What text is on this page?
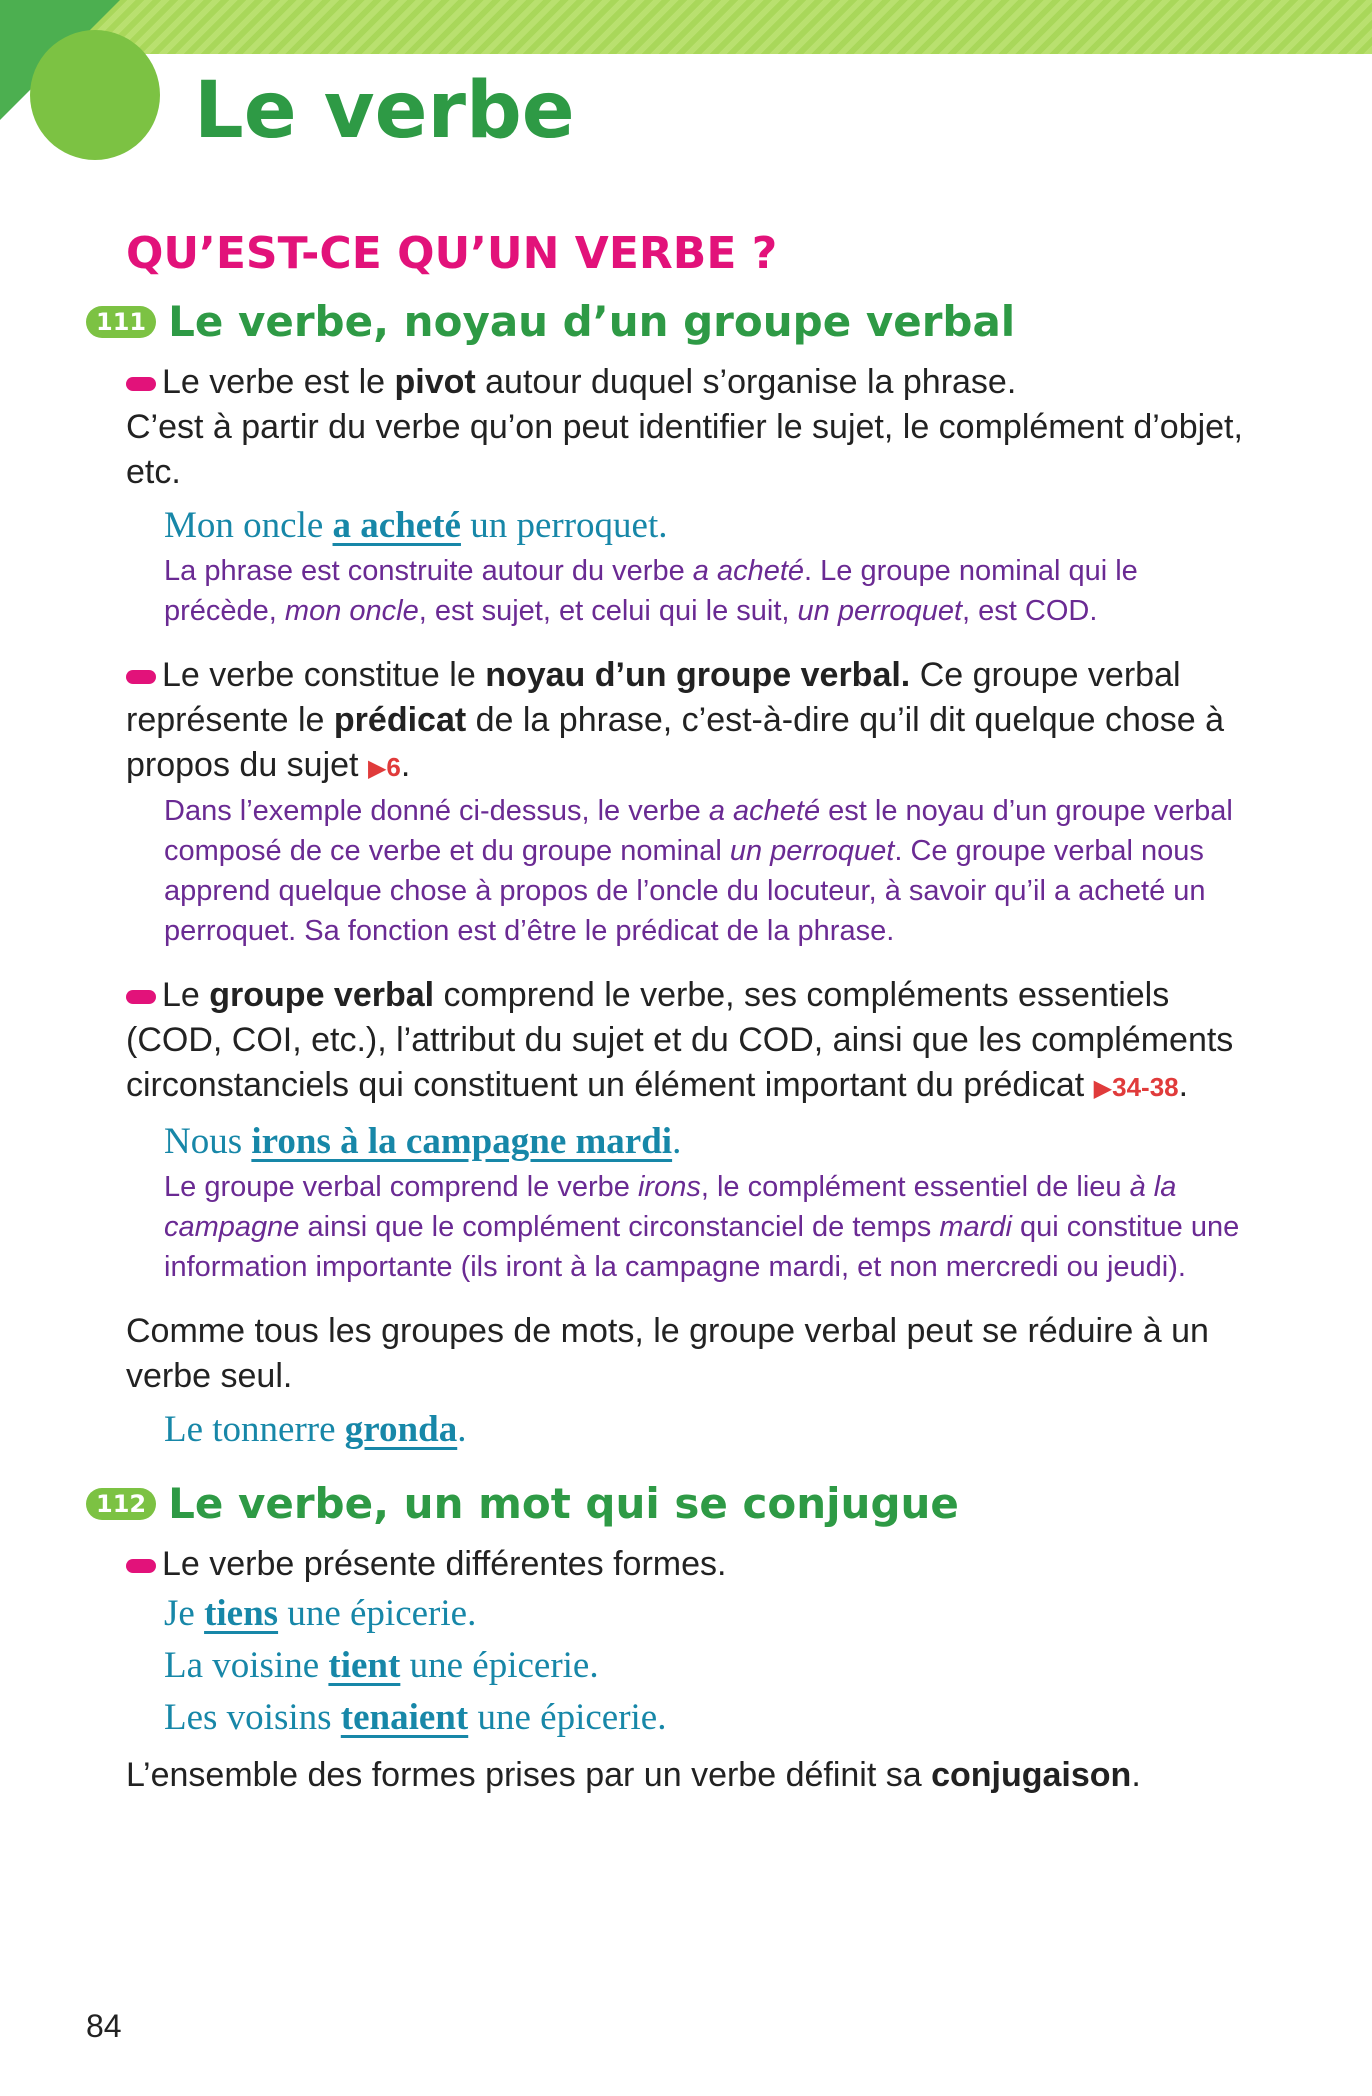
Le verbe
QU’EST-CE QU’UN VERBE ?
111 Le verbe, noyau d’un groupe verbal

Le verbe est le pivot autour duquel s’organise la phrase.
C’est à partir du verbe qu’on peut identifier le sujet, le complément d’objet, etc.

Mon oncle a acheté un perroquet.

La phrase est construite autour du verbe a acheté. Le groupe nominal qui le précède, mon oncle, est sujet, et celui qui le suit, un perroquet, est COD.

Le verbe constitue le noyau d’un groupe verbal. Ce groupe verbal représente le prédicat de la phrase, c’est-à-dire qu’il dit quelque chose à propos du sujet ▶6.

Dans l’exemple donné ci-dessus, le verbe a acheté est le noyau d’un groupe verbal composé de ce verbe et du groupe nominal un perroquet. Ce groupe verbal nous apprend quelque chose à propos de l’oncle du locuteur, à savoir qu’il a acheté un perroquet. Sa fonction est d’être le prédicat de la phrase.

Le groupe verbal comprend le verbe, ses compléments essentiels (COD, COI, etc.), l’attribut du sujet et du COD, ainsi que les compléments circonstanciels qui constituent un élément important du prédicat ▶34-38.

Nous irons à la campagne mardi.

Le groupe verbal comprend le verbe irons, le complément essentiel de lieu à la campagne ainsi que le complément circonstanciel de temps mardi qui constitue une information importante (ils iront à la campagne mardi, et non mercredi ou jeudi).

Comme tous les groupes de mots, le groupe verbal peut se réduire à un verbe seul.

Le tonnerre gronda.
112 Le verbe, un mot qui se conjugue

Le verbe présente différentes formes.

Je tiens une épicerie.
La voisine tient une épicerie.
Les voisins tenaient une épicerie.

L’ensemble des formes prises par un verbe définit sa conjugaison.

84
